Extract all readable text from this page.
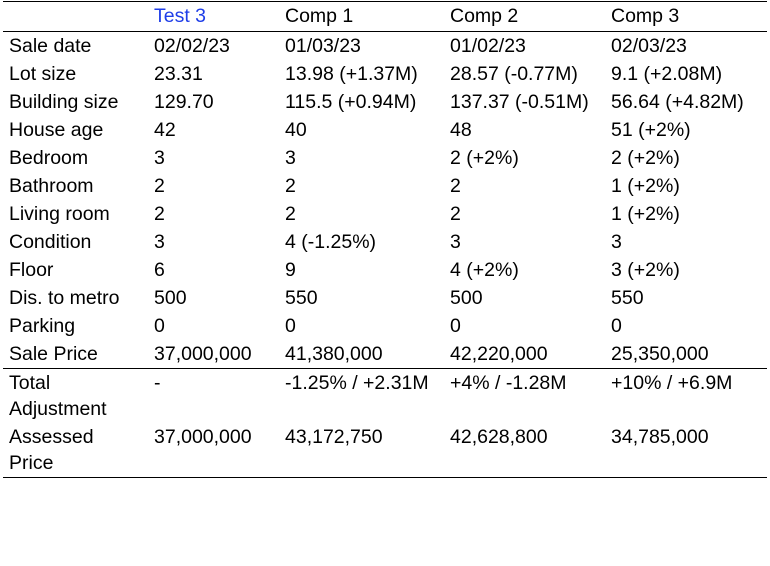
	Test 3	Comp 1	Comp 2	Comp 3
Sale date	02/02/23	01/03/23	01/02/23	02/03/23
Lot size	23.31	13.98 (+1.37M)	28.57 (-0.77M)	9.1 (+2.08M)
Building size	129.70	115.5 (+0.94M)	137.37 (-0.51M)	56.64 (+4.82M)
House age	42	40	48	51 (+2%)
Bedroom	3	3	2 (+2%)	2 (+2%)
Bathroom	2	2	2	1 (+2%)
Living room	2	2	2	1 (+2%)
Condition	3	4 (-1.25%)	3	3
Floor	6	9	4 (+2%)	3 (+2%)
Dis. to metro	500	550	500	550
Parking	0	0	0	0
Sale Price	37,000,000	41,380,000	42,220,000	25,350,000
Total Adjustment	-	-1.25% / +2.31M	+4% / -1.28M	+10% / +6.9M
Assessed Price	37,000,000	43,172,750	42,628,800	34,785,000
